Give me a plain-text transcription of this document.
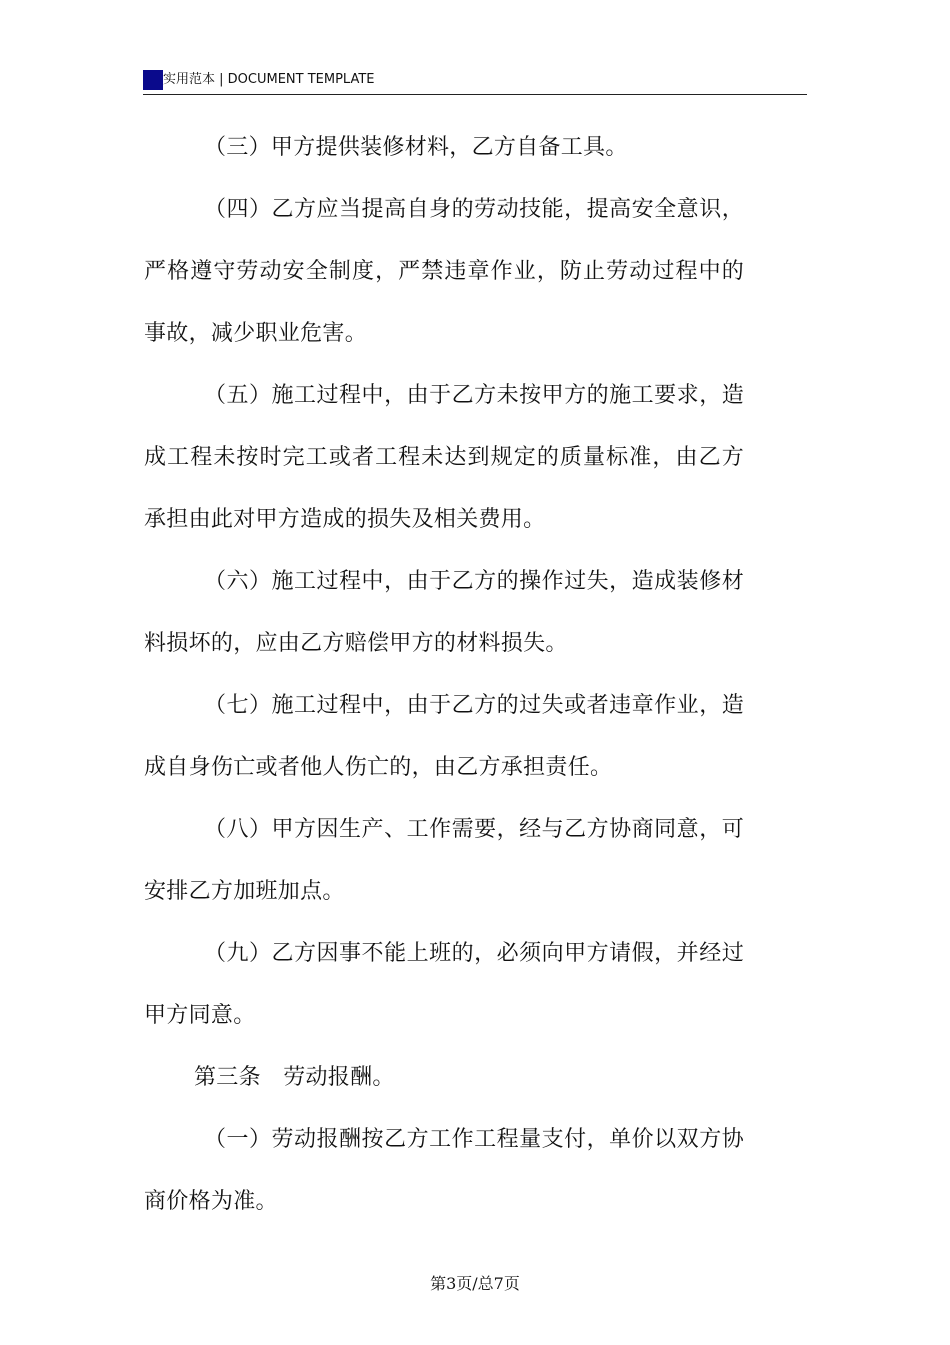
实用范本 | DOCUMENT TEMPLATE

（三）甲方提供装修材料，乙方自备工具。

（四）乙方应当提高自身的劳动技能，提高安全意识，严格遵守劳动安全制度，严禁违章作业，防止劳动过程中的事故，减少职业危害。

（五）施工过程中，由于乙方未按甲方的施工要求，造成工程未按时完工或者工程未达到规定的质量标准，由乙方承担由此对甲方造成的损失及相关费用。

（六）施工过程中，由于乙方的操作过失，造成装修材料损坏的，应由乙方赔偿甲方的材料损失。

（七）施工过程中，由于乙方的过失或者违章作业，造成自身伤亡或者他人伤亡的，由乙方承担责任。

（八）甲方因生产、工作需要，经与乙方协商同意，可安排乙方加班加点。

（九）乙方因事不能上班的，必须向甲方请假，并经过甲方同意。

第三条　劳动报酬。

（一）劳动报酬按乙方工作工程量支付，单价以双方协商价格为准。

第3页/总7页
